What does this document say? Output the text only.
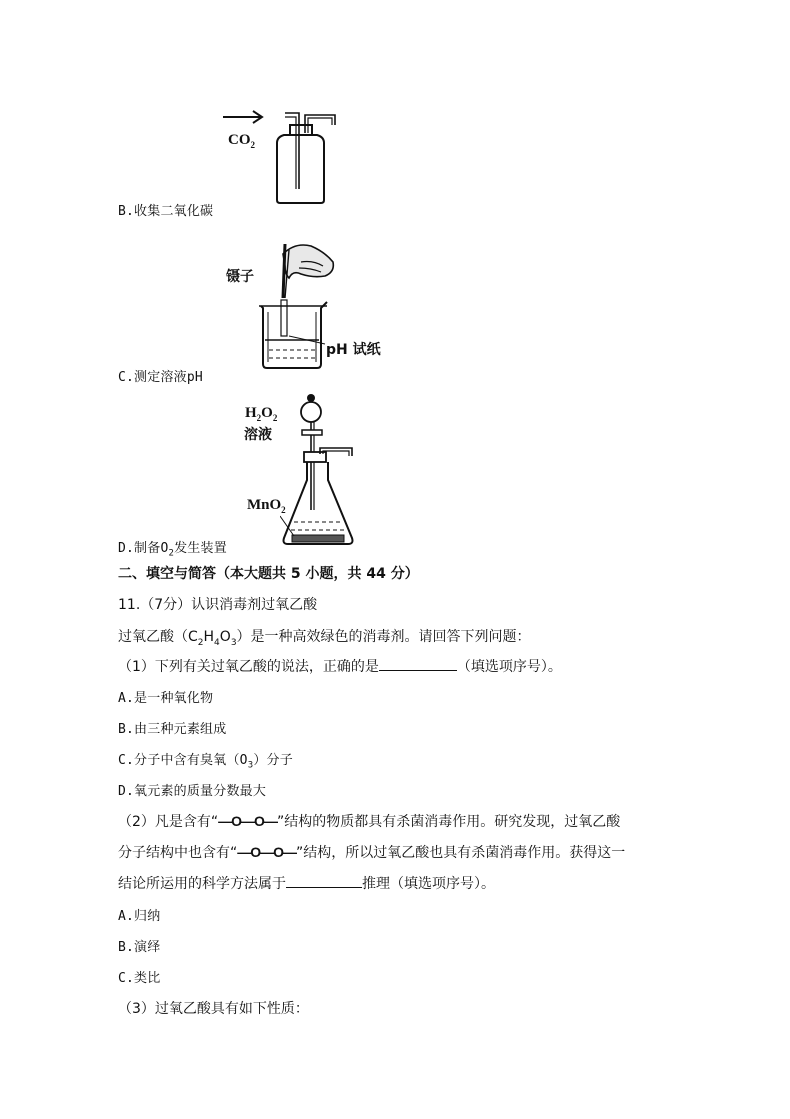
$CO_2$
B.收集二氧化碳
镊子
pH 试纸
C.测定溶液pH
$H_2O_2$
溶液
MnO$_2$
D.制备$O_2$发生装置
二、填空与简答（本大题共 5 小题，共 44 分）
11.（7分）认识消毒剂过氧乙酸
过氧乙酸$(C_2H_4O_3)$是一种高效绿色的消毒剂。请回答下列问题：
（1）下列有关过氧乙酸的说法，正确的是	（填选项序号）。
A.是一种氧化物
B.由三种元素组成
C.分子中含有臭氧$(O_3)$分子
D.氧元素的质量分数最大
（2）凡是含有“—O—O—”结构的物质都具有杀菌消毒作用。研究发现，过氧乙酸
分子结构中也含有“—O—O—”结构，所以过氧乙酸也具有杀菌消毒作用。获得这一
结论所运用的科学方法属于	推理（填选项序号）。
A.归纳
B.演绎
C.类比
（3）过氧乙酸具有如下性质：
